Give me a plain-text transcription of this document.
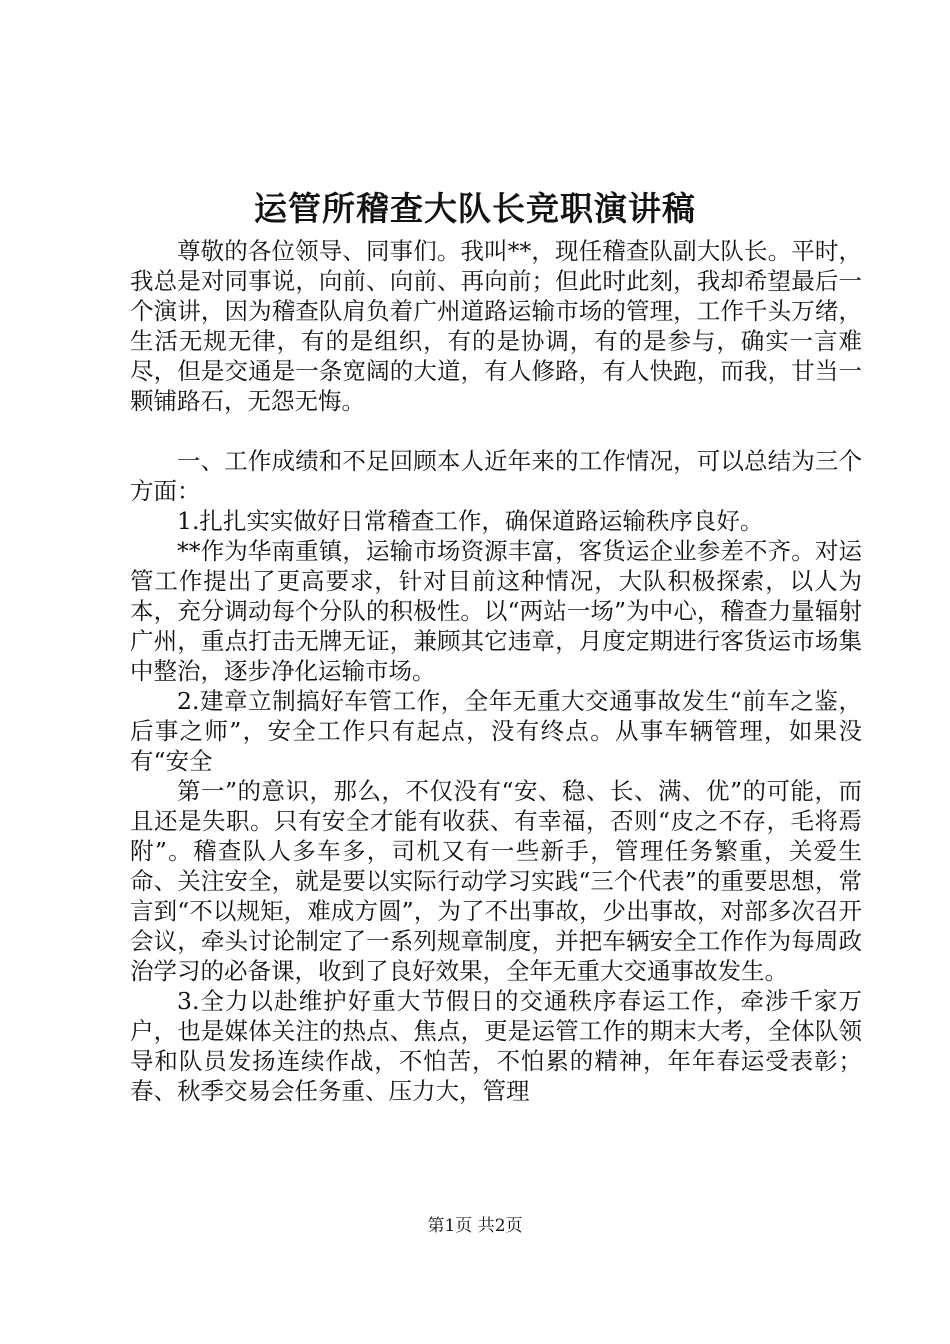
运管所稽查大队长竞职演讲稿

尊敬的各位领导、同事们。我叫**，现任稽查队副大队长。平时，我总是对同事说，向前、向前、再向前；但此时此刻，我却希望最后一个演讲，因为稽查队肩负着广州道路运输市场的管理，工作千头万绪，生活无规无律，有的是组织，有的是协调，有的是参与，确实一言难尽，但是交通是一条宽阔的大道，有人修路，有人快跑，而我，甘当一颗铺路石，无怨无悔。

一、工作成绩和不足回顾本人近年来的工作情况，可以总结为三个方面：

1.扎扎实实做好日常稽查工作，确保道路运输秩序良好。

**作为华南重镇，运输市场资源丰富，客货运企业参差不齐。对运管工作提出了更高要求，针对目前这种情况，大队积极探索，以人为本，充分调动每个分队的积极性。以“两站一场”为中心，稽查力量辐射广州，重点打击无牌无证，兼顾其它违章，月度定期进行客货运市场集中整治，逐步净化运输市场。

2.建章立制搞好车管工作，全年无重大交通事故发生“前车之鉴，后事之师”，安全工作只有起点，没有终点。从事车辆管理，如果没有“安全

第一”的意识，那么，不仅没有“安、稳、长、满、优”的可能，而且还是失职。只有安全才能有收获、有幸福，否则“皮之不存，毛将焉附”。稽查队人多车多，司机又有一些新手，管理任务繁重，关爱生命、关注安全，就是要以实际行动学习实践“三个代表”的重要思想，常言到“不以规矩，难成方圆”，为了不出事故，少出事故，对部多次召开会议，牵头讨论制定了一系列规章制度，并把车辆安全工作作为每周政治学习的必备课，收到了良好效果，全年无重大交通事故发生。

3.全力以赴维护好重大节假日的交通秩序春运工作，牵涉千家万户，也是媒体关注的热点、焦点，更是运管工作的期末大考，全体队领导和队员发扬连续作战，不怕苦，不怕累的精神，年年春运受表彰；春、秋季交易会任务重、压力大，管理

第1页 共2页
